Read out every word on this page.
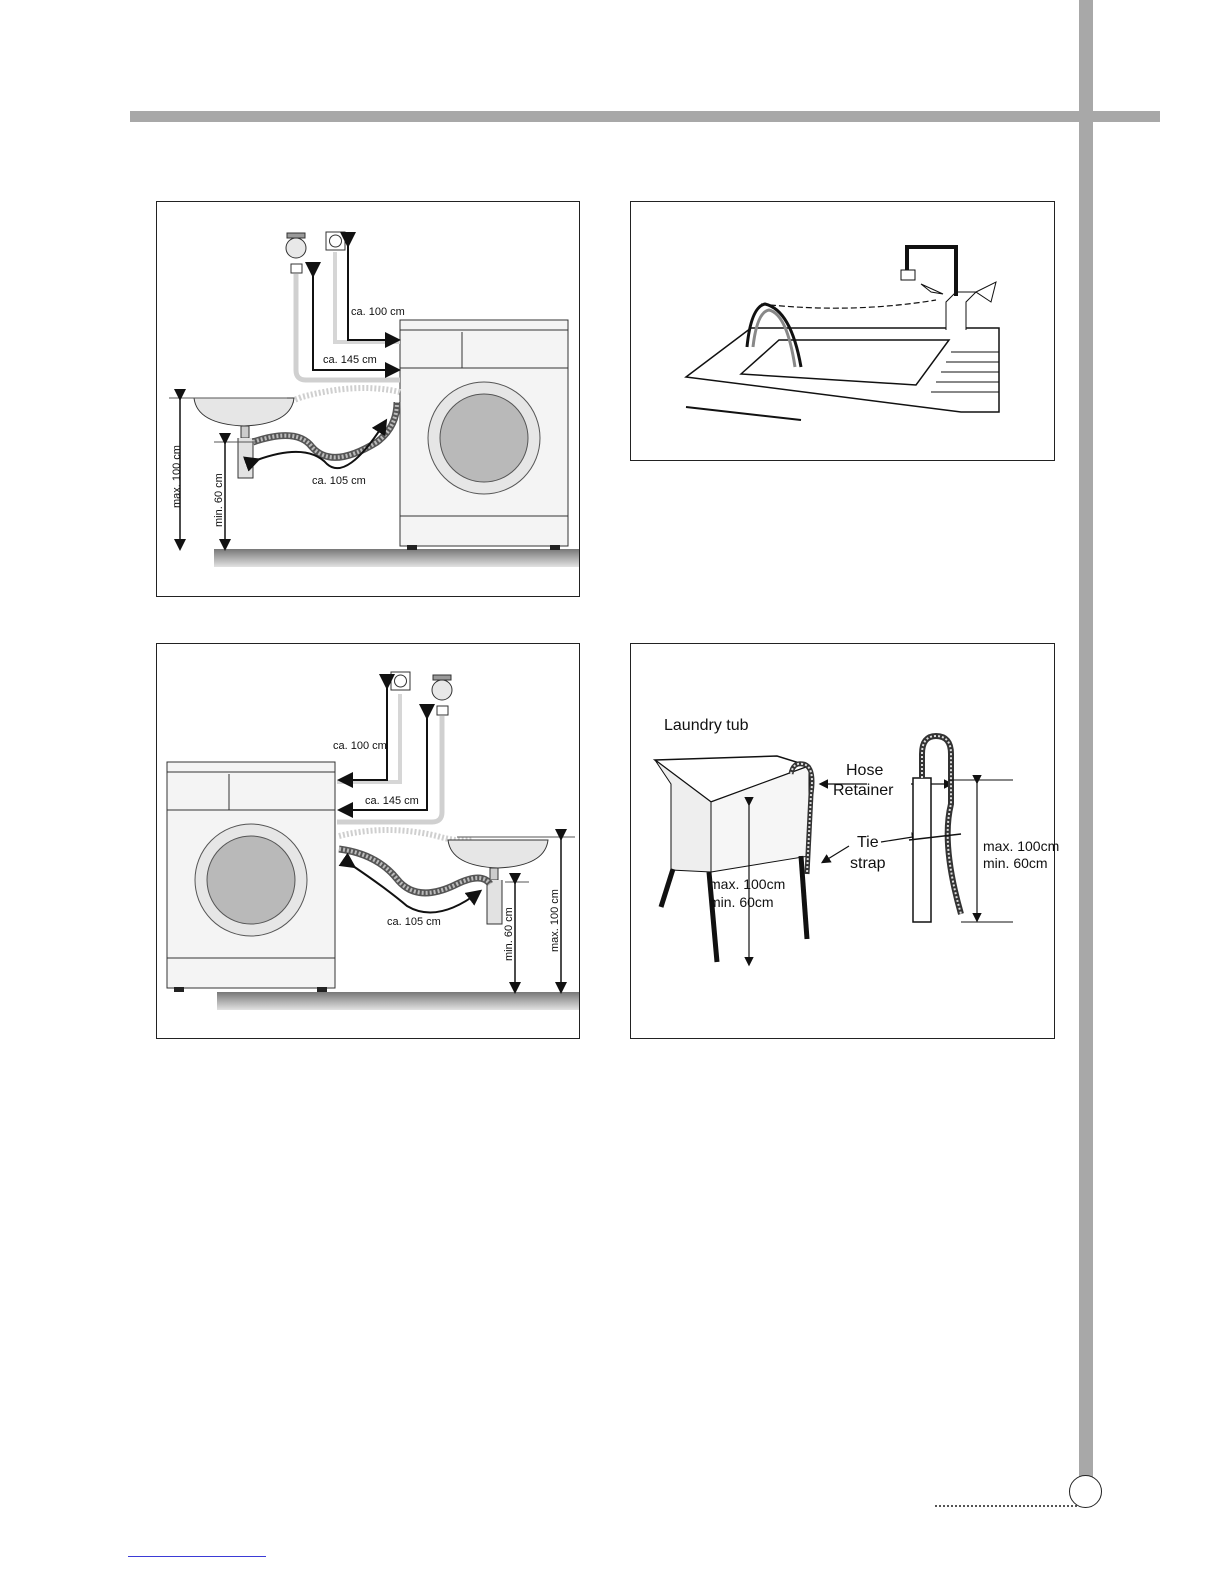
ca. 100 cm
ca. 145 cm
ca. 105 cm
max. 100 cm	min. 60 cm
ca. 100 cm
ca. 145 cm
ca. 105 cm	max. 100 cm
min. 60 cm
Laundry tub
Hose
Retainer
Tie
strap
max. 100cm
min. 60cm
max. 100cm
min. 60cm
